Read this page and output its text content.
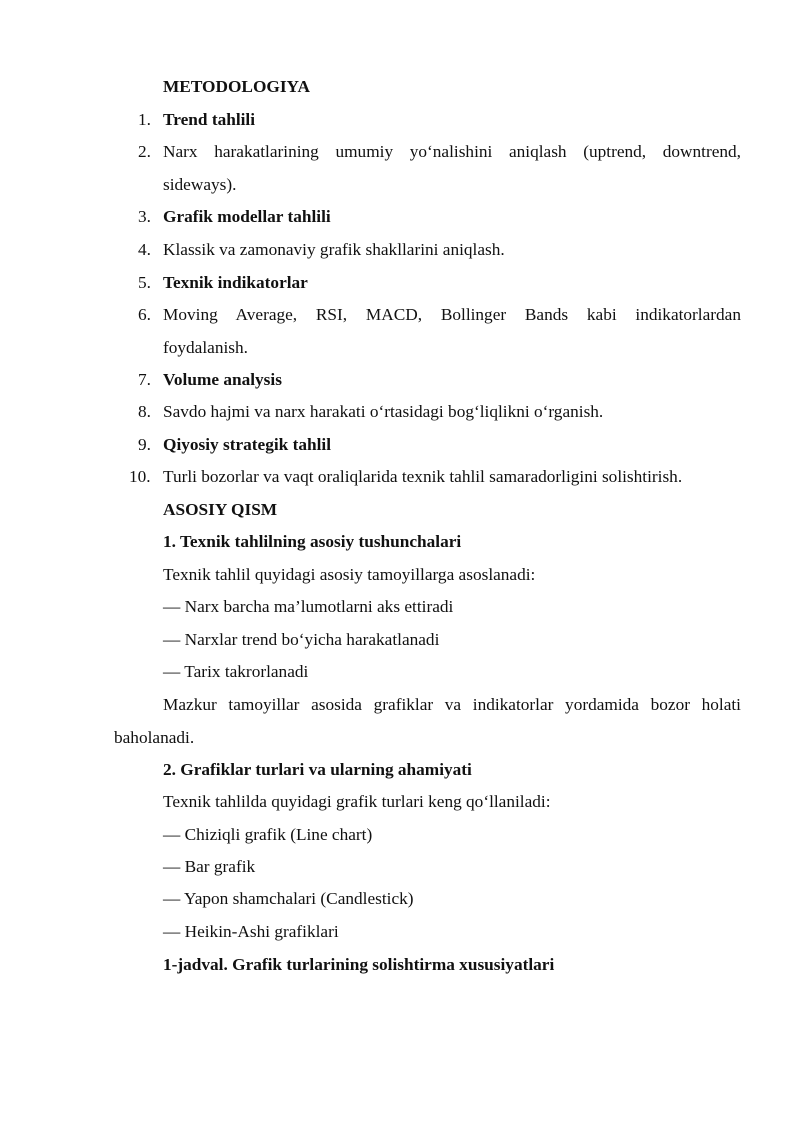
METODOLOGIYA
1. Trend tahlili
2. Narx harakatlarining umumiy yo‘nalishini aniqlash (uptrend, downtrend,
sideways).
3. Grafik modellar tahlili
4. Klassik va zamonaviy grafik shakllarini aniqlash.
5. Texnik indikatorlar
6. Moving Average, RSI, MACD, Bollinger Bands kabi indikatorlardan
foydalanish.
7. Volume analysis
8. Savdo hajmi va narx harakati o‘rtasidagi bog‘liqlikni o‘rganish.
9. Qiyosiy strategik tahlil
10. Turli bozorlar va vaqt oraliqlarida texnik tahlil samaradorligini solishtirish.
ASOSIY QISM
1. Texnik tahlilning asosiy tushunchalari
Texnik tahlil quyidagi asosiy tamoyillarga asoslanadi:
— Narx barcha ma’lumotlarni aks ettiradi
— Narxlar trend bo‘yicha harakatlanadi
— Tarix takrorlanadi
Mazkur tamoyillar asosida grafiklar va indikatorlar yordamida bozor holati baholanadi.
2. Grafiklar turlari va ularning ahamiyati
Texnik tahlilda quyidagi grafik turlari keng qo‘llaniladi:
— Chiziqli grafik (Line chart)
— Bar grafik
— Yapon shamchalari (Candlestick)
— Heikin-Ashi grafiklari
1-jadval. Grafik turlarining solishtirma xususiyatlari
